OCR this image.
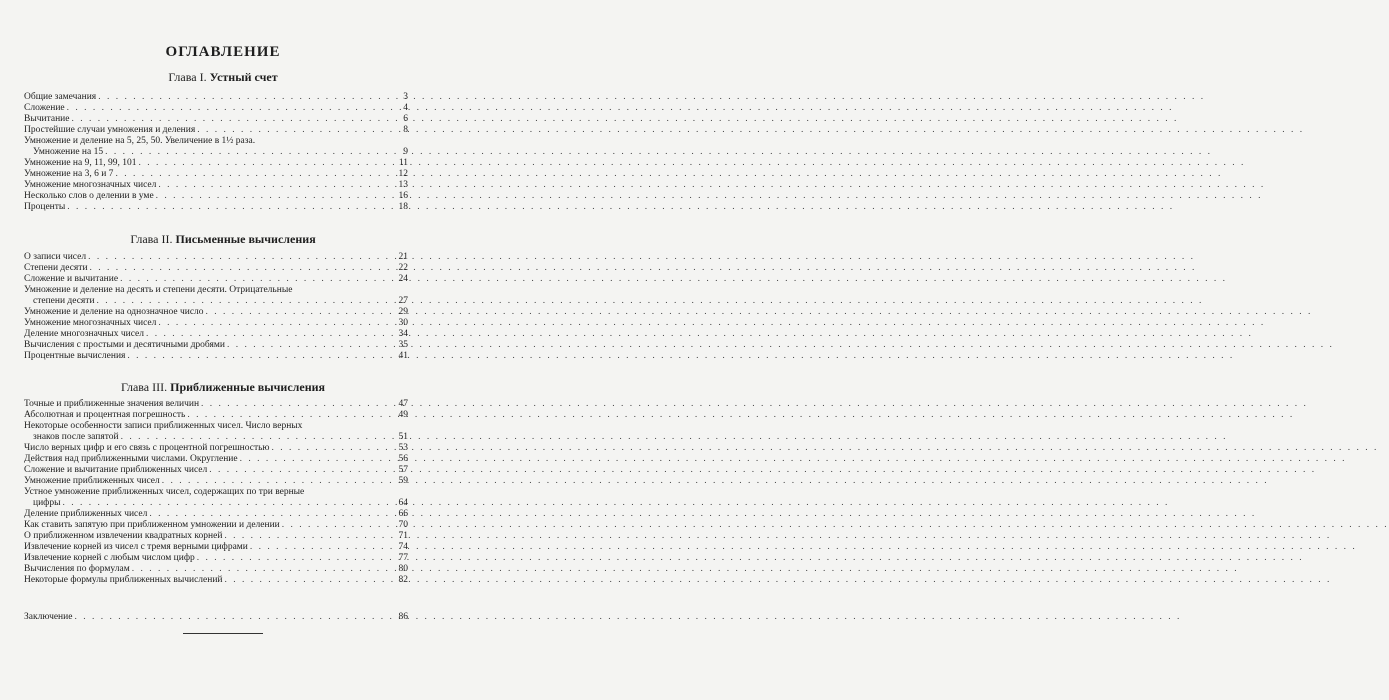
ОГЛАВЛЕНИЕ
Глава I. Устный счет
Общие замечания . . .	3
Сложение . . .	4
Вычитание . . .	6
Простейшие случаи умножения и деления . . .	8
Умножение и деление на 5, 25, 50. Увеличение в 1½ раза.
Умножение на 15 . . .	9
Умножение на 9, 11, 99, 101 . . .	11
Умножение на 3, 6 и 7 . . .	12
Умножение многозначных чисел . . .	13
Несколько слов о делении в уме . . .	16
Проценты . . .	18
Глава II. Письменные вычисления
О записи чисел . . .	21
Степени десяти . . .	22
Сложение и вычитание . . .	24
Умножение и деление на десять и степени десяти. Отрицательные
степени десяти . . .	27
Умножение и деление на однозначное число . . .	29
Умножение многозначных чисел . . .	30
Деление многозначных чисел . . .	34
Вычисления с простыми и десятичными дробями . . .	35
Процентные вычисления . . .	41
Глава III. Приближенные вычисления
Точные и приближенные значения величин . . .	47
Абсолютная и процентная погрешность . . .	49
Некоторые особенности записи приближенных чисел. Число верных
знаков после запятой . . .	51
Число верных цифр и его связь с процентной погрешностью . . .	53
Действия над приближенными числами. Округление . . .	56
Сложение и вычитание приближенных чисел . . .	57
Умножение приближенных чисел . . .	59
Устное умножение приближенных чисел, содержащих по три верные
цифры . . .	64
Деление приближенных чисел . . .	66
Как ставить запятую при приближенном умножении и делении . . .	70
О приближенном извлечении квадратных корней . . .	71
Извлечение корней из чисел с тремя верными цифрами . . .	74
Извлечение корней с любым числом цифр . . .	77
Вычисления по формулам . . .	80
Некоторые формулы приближенных вычислений . . .	82
Заключение . . .	86
